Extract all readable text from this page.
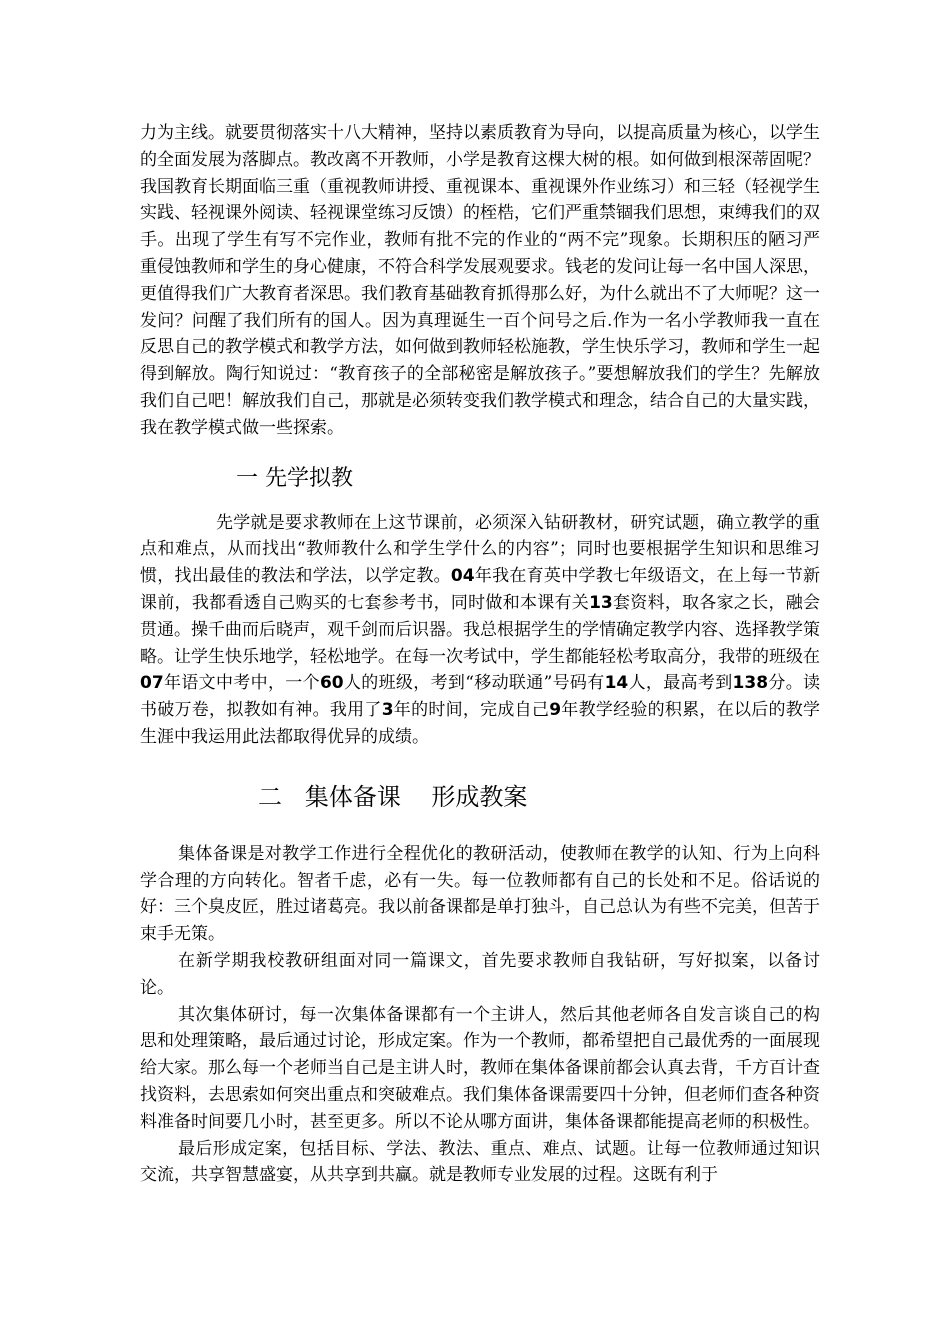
力为主线。就要贯彻落实十八大精神，坚持以素质教育为导向，以提高质量为核心，以学生的全面发展为落脚点。教改离不开教师，小学是教育这棵大树的根。如何做到根深蒂固呢？我国教育长期面临三重（重视教师讲授、重视课本、重视课外作业练习）和三轻（轻视学生实践、轻视课外阅读、轻视课堂练习反馈）的桎梏，它们严重禁锢我们思想，束缚我们的双手。出现了学生有写不完作业，教师有批不完的作业的“两不完”现象。长期积压的陋习严重侵蚀教师和学生的身心健康，不符合科学发展观要求。钱老的发问让每一名中国人深思，更值得我们广大教育者深思。我们教育基础教育抓得那么好，为什么就出不了大师呢？这一发问？问醒了我们所有的国人。因为真理诞生一百个问号之后.作为一名小学教师我一直在反思自己的教学模式和教学方法，如何做到教师轻松施教，学生快乐学习，教师和学生一起得到解放。陶行知说过：“教育孩子的全部秘密是解放孩子。”要想解放我们的学生？先解放我们自己吧！解放我们自己，那就是必须转变我们教学模式和理念，结合自己的大量实践，我在教学模式做一些探索。

一 先学拟教

先学就是要求教师在上这节课前，必须深入钻研教材，研究试题，确立教学的重点和难点，从而找出“教师教什么和学生学什么的内容”；同时也要根据学生知识和思维习惯，找出最佳的教法和学法，以学定教。04年我在育英中学教七年级语文，在上每一节新课前，我都看透自己购买的七套参考书，同时做和本课有关13套资料，取各家之长，融会贯通。操千曲而后晓声，观千剑而后识器。我总根据学生的学情确定教学内容、选择教学策略。让学生快乐地学，轻松地学。在每一次考试中，学生都能轻松考取高分，我带的班级在07年语文中考中，一个60人的班级，考到“移动联通”号码有14人，最高考到138分。读书破万卷，拟教如有神。我用了3年的时间，完成自己9年教学经验的积累，在以后的教学生涯中我运用此法都取得优异的成绩。

二   集体备课    形成教案

集体备课是对教学工作进行全程优化的教研活动，使教师在教学的认知、行为上向科学合理的方向转化。智者千虑，必有一失。每一位教师都有自己的长处和不足。俗话说的好：三个臭皮匠，胜过诸葛亮。我以前备课都是单打独斗，自己总认为有些不完美，但苦于束手无策。

在新学期我校教研组面对同一篇课文，首先要求教师自我钻研，写好拟案，以备讨论。

其次集体研讨，每一次集体备课都有一个主讲人，然后其他老师各自发言谈自己的构思和处理策略，最后通过讨论，形成定案。作为一个教师，都希望把自己最优秀的一面展现给大家。那么每一个老师当自己是主讲人时，教师在集体备课前都会认真去背，千方百计查找资料，去思索如何突出重点和突破难点。我们集体备课需要四十分钟，但老师们查各种资料准备时间要几小时，甚至更多。所以不论从哪方面讲，集体备课都能提高老师的积极性。

最后形成定案，包括目标、学法、教法、重点、难点、试题。让每一位教师通过知识交流，共享智慧盛宴，从共享到共赢。就是教师专业发展的过程。这既有利于
